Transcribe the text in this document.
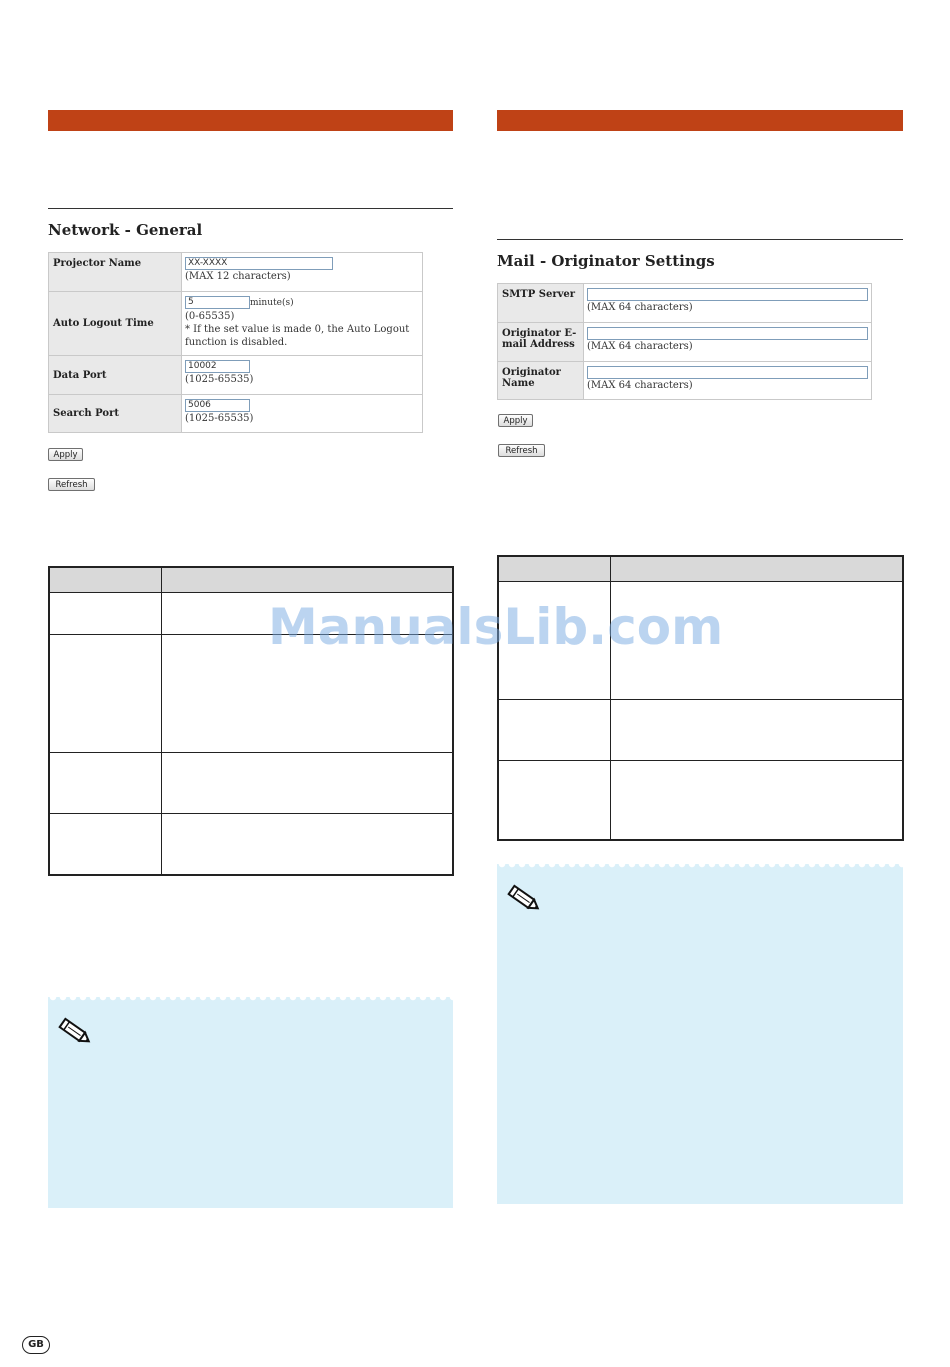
Network - General
Projector Name	XX-XXXX
(MAX 12 characters)

Auto Logout Time	5minute(s)
(0-65535)
* If the set value is made 0, the Auto Logout function is disabled.

Data Port	10002
(1025-65535)

Search Port	5006
(1025-65535)
Apply
Refresh

Mail - Originator Settings
SMTP Server	(MAX 64 characters)

Originator E-mail Address	(MAX 64 characters)

Originator Name	(MAX 64 characters)
Apply
Refresh

ManualsLib.com
GB
